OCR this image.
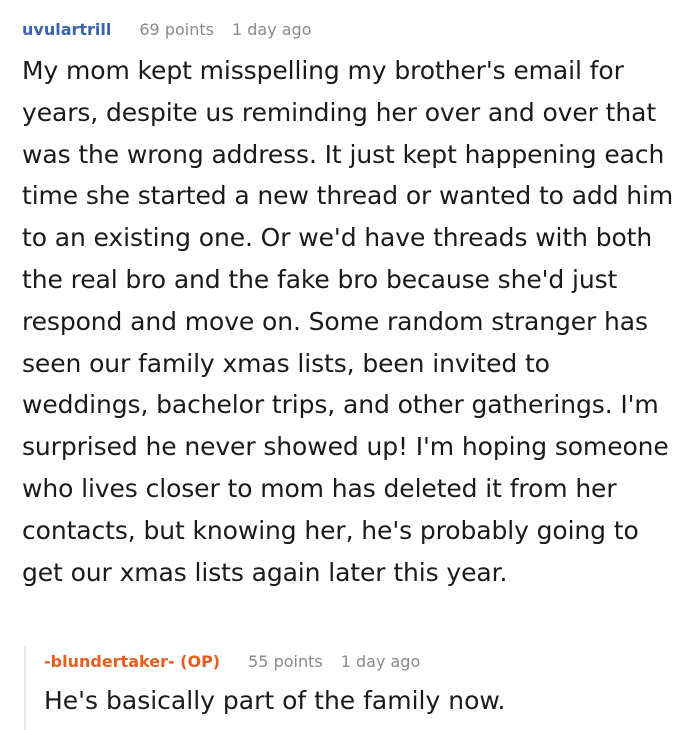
uvulartrill 69 points 1 day ago
My mom kept misspelling my brother's email for years, despite us reminding her over and over that was the wrong address. It just kept happening each time she started a new thread or wanted to add him to an existing one. Or we'd have threads with both the real bro and the fake bro because she'd just respond and move on. Some random stranger has seen our family xmas lists, been invited to weddings, bachelor trips, and other gatherings. I'm surprised he never showed up! I'm hoping someone who lives closer to mom has deleted it from her contacts, but knowing her, he's probably going to get our xmas lists again later this year.
-blundertaker- (OP) 55 points 1 day ago
He's basically part of the family now.
